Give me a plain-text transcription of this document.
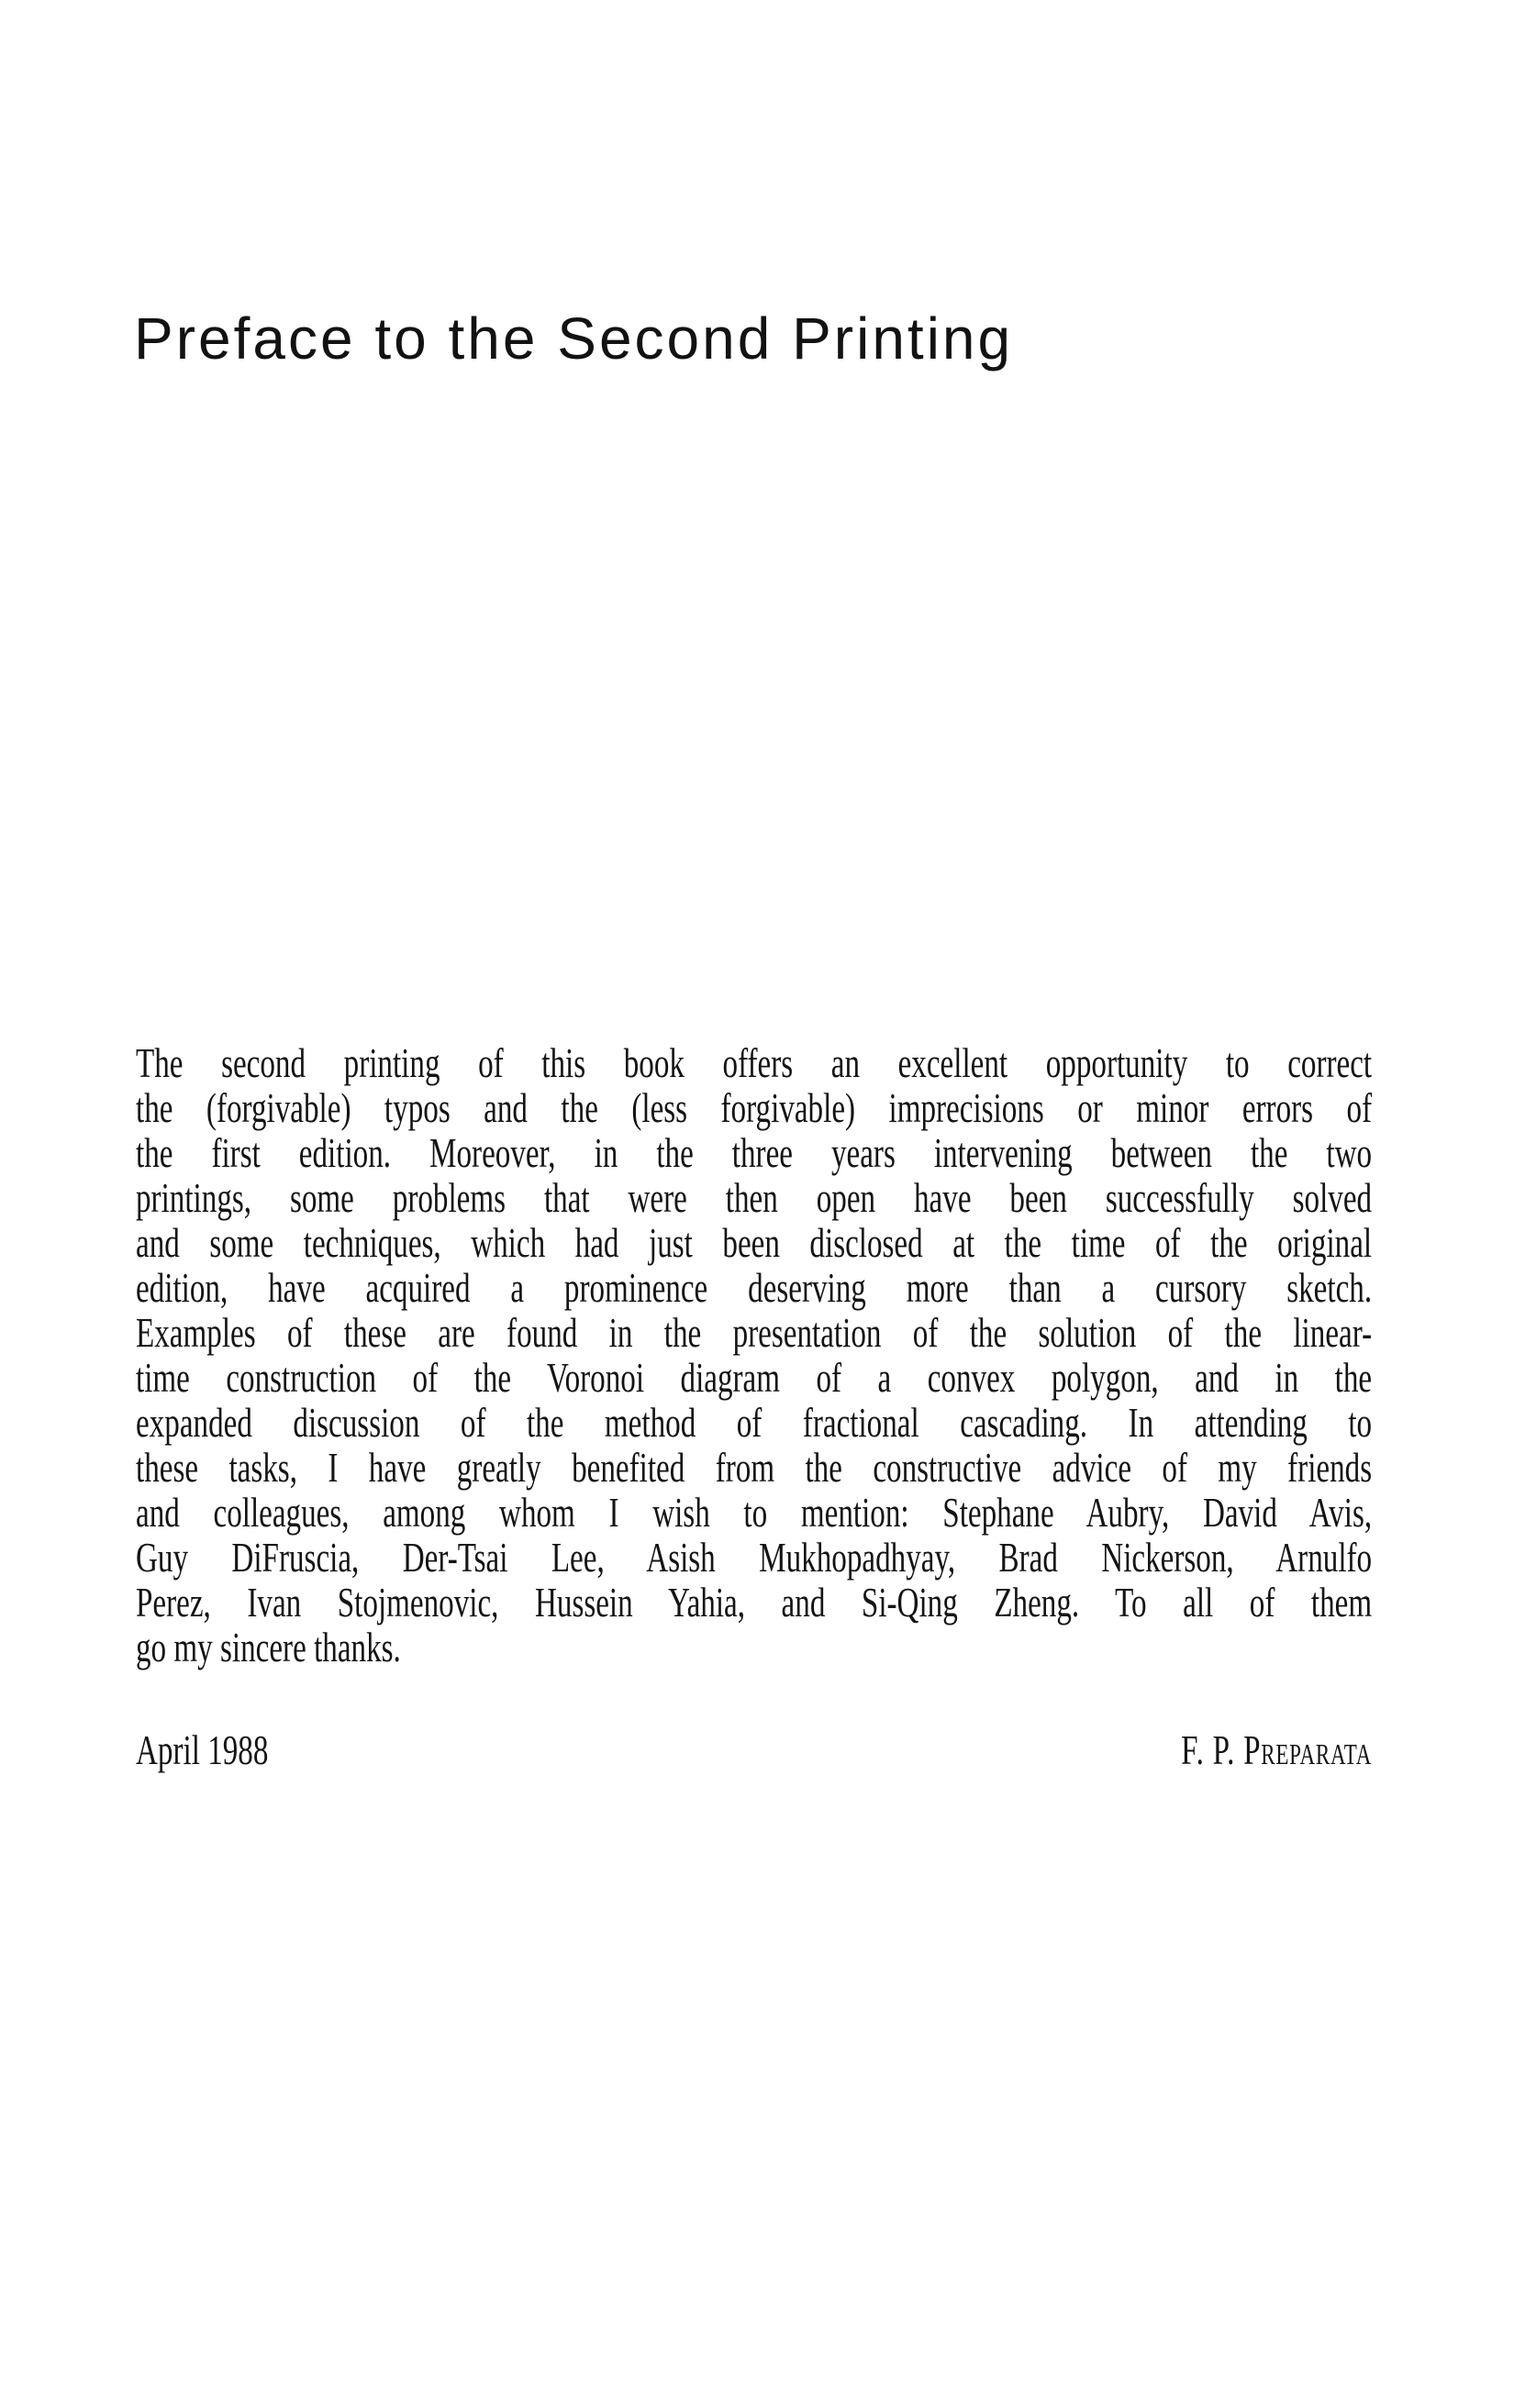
Preface to the Second Printing
The second printing of this book offers an excellent opportunity to correct
the (forgivable) typos and the (less forgivable) imprecisions or minor errors of
the first edition. Moreover, in the three years intervening between the two
printings, some problems that were then open have been successfully solved
and some techniques, which had just been disclosed at the time of the original
edition, have acquired a prominence deserving more than a cursory sketch.
Examples of these are found in the presentation of the solution of the linear-
time construction of the Voronoi diagram of a convex polygon, and in the
expanded discussion of the method of fractional cascading. In attending to
these tasks, I have greatly benefited from the constructive advice of my friends
and colleagues, among whom I wish to mention: Stephane Aubry, David Avis,
Guy DiFruscia, Der-Tsai Lee, Asish Mukhopadhyay, Brad Nickerson, Arnulfo
Perez, Ivan Stojmenovic, Hussein Yahia, and Si-Qing Zheng. To all of them
go my sincere thanks.
April 1988	F. P. Preparata
